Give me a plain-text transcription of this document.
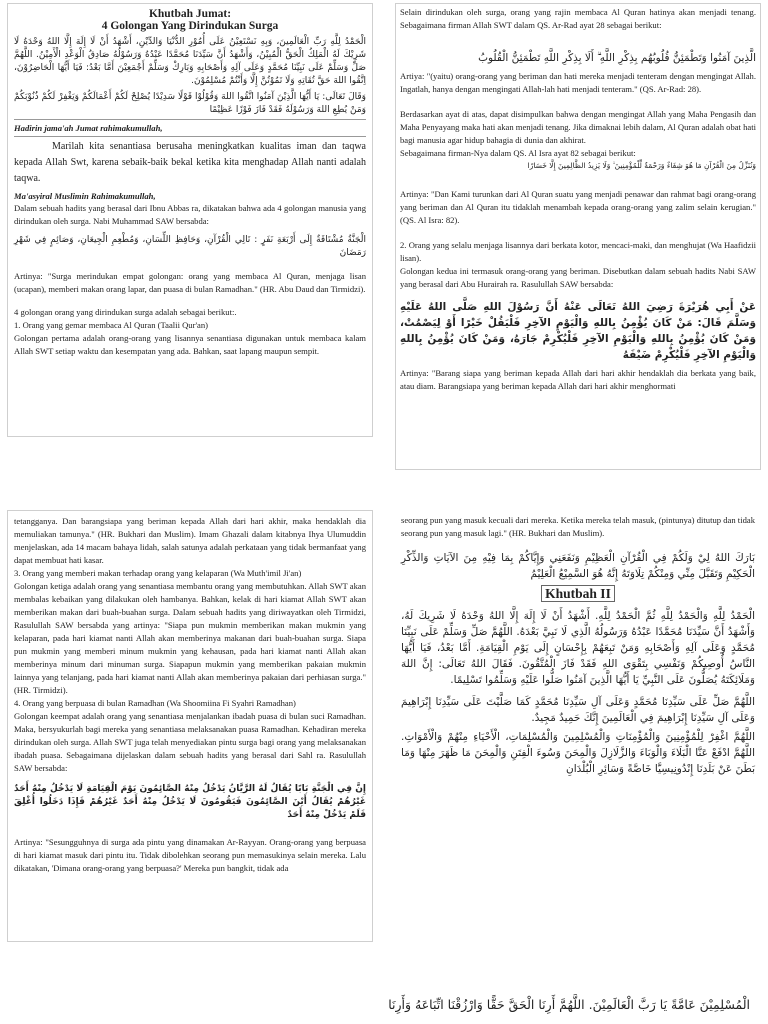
Khutbah Jumat:
4 Golongan Yang Dirindukan Surga

الْحَمْدُ لِلَّهِ رَبِّ الْعَالَمِينَ، وَبِهِ نَسْتَعِيْنُ عَلَى أُمُوْرِ الدُّنْيَا وَالدِّيْنِ، أَشْهَدُ أَنْ لَا إِلَهَ إِلَّا اللهُ وَحْدَهُ لَا شَرِيْكَ لَهُ الْمَلِكُ الْحَقُّ الْمُبِيْنُ، وَأَشْهَدُ أَنَّ سَيِّدَنَا مُحَمَّدًا عَبْدُهُ وَرَسُوْلُهُ صَادِقُ الْوَعْدِ الْأَمِيْنُ. اللَّهُمَّ صَلِّ وَسَلِّمْ عَلَى نَبِيِّنَا مُحَمَّدٍ وَعَلَى آلِهِ وَأَصْحَابِهِ وَبَارِكْ وَسَلِّمْ أَجْمَعِيْنَ أَمَّا بَعْدُ: فَيَا أَيُّهَا الْحَاضِرُوْنَ، اِتَّقُوا اللهَ حَقَّ تُقَاتِهِ وَلَا تَمُوْتُنَّ إِلَّا وَأَنْتُمْ مُسْلِمُوْنَ.

وَقَالَ تَعَالَى: يَا أَيُّهَا الَّذِيْنَ آمَنُوا اتَّقُوا اللهَ وَقُوْلُوْا قَوْلًا سَدِيْدًا يُصْلِحْ لَكُمْ أَعْمَالَكُمْ وَيَغْفِرْ لَكُمْ ذُنُوْبَكُمْ وَمَنْ يُطِعِ اللهَ وَرَسُوْلَهُ فَقَدْ فَازَ فَوْزًا عَظِيْمًا

Hadirin jama'ah Jumat rahimakumullah,

Marilah kita senantiasa berusaha meningkatkan kualitas iman dan taqwa kepada Allah Swt, karena sebaik-baik bekal ketika kita menghadap Allah nanti adalah taqwa.

Ma'asyiral Muslimin Rahimakumullah,

Dalam sebuah hadits yang berasal dari Ibnu Abbas ra, dikatakan bahwa ada 4 golongan manusia yang dirindukan oleh surga. Nabi Muhammad SAW bersabda:

الْجَنَّةُ مُشْتَاقَةٌ إِلَى أَرْبَعَةِ نَفَرٍ : تَالِي الْقُرْآنِ، وَحَافِظِ اللِّسَانِ، وَمُطْعِمِ الْجِيعَانِ، وَصَائِمٍ فِي شَهْرِ رَمَضَانَ

Artinya: "Surga merindukan empat golongan: orang yang membaca Al Quran, menjaga lisan (ucapan), memberi makan orang lapar, dan puasa di bulan Ramadhan." (HR. Abu Daud dan Tirmidzi).

4 golongan orang yang dirindukan surga adalah sebagai berikut:.

1. Orang yang gemar membaca Al Quran (Taalii Qur'an)

Golongan pertama adalah orang-orang yang lisannya senantiasa digunakan untuk membaca kalam Allah SWT setiap waktu dan kesempatan yang ada. Bahkan, saat lapang maupun sempit.

Selain dirindukan oleh surga, orang yang rajin membaca Al Quran hatinya akan menjadi tenang. Sebagaimana firman Allah SWT dalam QS. Ar-Rad ayat 28 sebagai berikut:

الَّذِينَ آمَنُوا وَتَطْمَئِنُّ قُلُوبُهُم بِذِكْرِ اللَّهِ ۗ أَلَا بِذِكْرِ اللَّهِ تَطْمَئِنُّ الْقُلُوبُ

Artiya: "(yaitu) orang-orang yang beriman dan hati mereka menjadi tenteram dengan mengingat Allah. Ingatlah, hanya dengan mengingati Allah-lah hati menjadi tenteram." (QS. Ar-Rad: 28).

Berdasarkan ayat di atas, dapat disimpulkan bahwa dengan mengingat Allah yang Maha Pengasih dan Maha Penyayang maka hati akan menjadi tenang. Jika dimaknai lebih dalam, Al Quran adalah obat hati bagi manusia agar hidup bahagia di dunia dan akhirat.

Sebagaimana firman-Nya dalam QS. Al Isra ayat 82 sebagai berikut:

وَنُنَزِّلُ مِنَ الْقُرْآنِ مَا هُوَ شِفَاءٌ وَرَحْمَةٌ لِّلْمُؤْمِنِينَ ۙ وَلَا يَزِيدُ الظَّالِمِينَ إِلَّا خَسَارًا

Artinya: "Dan Kami turunkan dari Al Quran suatu yang menjadi penawar dan rahmat bagi orang-orang yang beriman dan Al Quran itu tidaklah menambah kepada orang-orang yang zalim selain kerugian." (QS. Al Isra: 82).

2. Orang yang selalu menjaga lisannya dari berkata kotor, mencaci-maki, dan menghujat (Wa Haafidzii lisan).

Golongan kedua ini termasuk orang-orang yang beriman. Disebutkan dalam sebuah hadits Nabi SAW yang berasal dari Abu Hurairah ra. Rasulullah SAW bersabda:

عَنْ أَبِي هُرَيْرَةَ رَضِيَ اللهُ تَعَالَى عَنْهُ أَنَّ رَسُوْلَ اللهِ صَلَّى اللهُ عَلَيْهِ وَسَلَّمَ قَالَ: مَنْ كَانَ يُؤْمِنُ بِاللهِ وَالْيَوْمِ الآخِرِ فَلْيَقُلْ خَيْرًا أَوْ لِيَصْمُتْ، وَمَنْ كَانَ يُؤْمِنُ بِاللهِ وَالْيَوْمِ الآخِرِ فَلْيُكْرِمْ جَارَهُ، وَمَنْ كَانَ يُؤْمِنُ بِاللهِ وَالْيَوْمِ الآخِرِ فَلْيُكْرِمْ ضَيْفَهُ

Artinya: "Barang siapa yang beriman kepada Allah dari hari akhir hendaklah dia berkata yang baik, atau diam. Barangsiapa yang beriman kepada Allah dari hari akhir menghormati

tetangganya. Dan barangsiapa yang beriman kepada Allah dari hari akhir, maka hendaklah dia memuliakan tamunya." (HR. Bukhari dan Muslim). Imam Ghazali dalam kitabnya Ihya Ulumuddin menjelaskan, ada 14 macam bahaya lidah, salah satunya adalah perkataan yang tidak bermanfaat yang dapat membuat hati kasar.

3. Orang yang memberi makan terhadap orang yang kelaparan (Wa Muth'imil Ji'an)

Golongan ketiga adalah orang yang senantiasa membantu orang yang membutuhkan. Allah SWT akan membalas kebaikan yang dilakukan oleh hambanya. Bahkan, kelak di hari kiamat Allah SWT akan memberikan makan dari buah-buahan surga. Dalam sebuah hadits yang diriwayatkan oleh Tirmidzi, Rasulullah SAW bersabda yang artinya: "Siapa pun mukmin memberikan makan mukmin yang kelaparan, pada hari kiamat nanti Allah akan memberinya makanan dari buah-buahan surga. Siapa pun mukmin yang memberi minum mukmin yang kehausan, pada hari kiamat nanti Allah akan memberinya minum dari minuman surga. Siapapun mukmin yang memberikan pakaian mukmin lainnya yang telanjang, pada hari kiamat nanti Allah akan memberinya pakaian dari perhiasan surga." (HR. Tirmidzi).

4. Orang yang berpuasa di bulan Ramadhan (Wa Shoomiina Fi Syahri Ramadhan)

Golongan keempat adalah orang yang senantiasa menjalankan ibadah puasa di bulan suci Ramadhan. Maka, bersyukurlah bagi mereka yang senantiasa melaksanakan puasa Ramadhan. Kehadiran mereka dirindukan oleh surga. Allah SWT juga telah menyediakan pintu surga bagi orang yang melaksanakan ibadah puasa. Sebagaimana dijelaskan dalam sebuah hadits yang berasal dari Sahl ra. Rasulullah SAW bersabda:

إِنَّ فِي الْجَنَّةِ بَابًا يُقَالُ لَهُ الرَّيَّانُ يَدْخُلُ مِنْهُ الصَّائِمُونَ يَوْمَ الْقِيَامَةِ لَا يَدْخُلُ مِنْهُ أَحَدٌ غَيْرُهُمْ يُقَالُ أَيْنَ الصَّائِمُونَ فَيَقُومُونَ لَا يَدْخُلُ مِنْهُ أَحَدٌ غَيْرُهُمْ فَإِذَا دَخَلُوا أُغْلِقَ فَلَمْ يَدْخُلْ مِنْهُ أَحَدٌ

Artinya: "Sesungguhnya di surga ada pintu yang dinamakan Ar-Rayyan. Orang-orang yang berpuasa di hari kiamat masuk dari pintu itu. Tidak dibolehkan seorang pun memasukinya selain mereka. Lalu dikatakan, 'Dimana orang-orang yang berpuasa?' Mereka pun bangkit, tidak ada

seorang pun yang masuk kecuali dari mereka. Ketika mereka telah masuk, (pintunya) ditutup dan tidak seorang pun yang masuk lagi." (HR. Bukhari dan Muslim).

بَارَكَ اللهُ لِيْ وَلَكُمْ فِي الْقُرْآنِ الْعَظِيْمِ وَنَفَعَنِي وَإِيَّاكُمْ بِمَا فِيْهِ مِنَ الآيَاتِ وَالذِّكْرِ الْحَكِيْمِ وَتَقَبَّلَ مِنِّي وَمِنْكُمْ تِلَاوَتَهُ إِنَّهُ هُوَ السَّمِيْعُ الْعَلِيْمُ

Khutbah II

الْحَمْدُ لِلَّهِ وَالْحَمْدُ لِلَّهِ ثُمَّ الْحَمْدُ لِلَّهِ. أَشْهَدُ أَنْ لَا إِلَهَ إِلَّا اللهُ وَحْدَهُ لَا شَرِيكَ لَهُ، وَأَشْهَدُ أَنَّ سَيِّدَنَا مُحَمَّدًا عَبْدُهُ وَرَسُولُهُ الَّذِي لَا نَبِيَّ بَعْدَهُ. اللَّهُمَّ صَلِّ وَسَلِّمْ عَلَى نَبِيِّنَا مُحَمَّدٍ وَعَلَى آلِهِ وَأَصْحَابِهِ وَمَنْ تَبِعَهُمْ بِإِحْسَانٍ إِلَى يَوْمِ الْقِيَامَةِ. أَمَّا بَعْدُ، فَيَا أَيُّهَا النَّاسُ أُوصِيكُمْ وَنَفْسِي بِتَقْوَى اللهِ فَقَدْ فَازَ الْمُتَّقُونَ. فَقَالَ اللهُ تَعَالَى: إِنَّ اللهَ وَمَلَائِكَتَهُ يُصَلُّونَ عَلَى النَّبِيِّ يَا أَيُّهَا الَّذِينَ آمَنُوا صَلُّوا عَلَيْهِ وَسَلِّمُوا تَسْلِيمًا.

اللَّهُمَّ صَلِّ عَلَى سَيِّدِنَا مُحَمَّدٍ وَعَلَى آلِ سَيِّدِنَا مُحَمَّدٍ كَمَا صَلَّيْتَ عَلَى سَيِّدِنَا إِبْرَاهِيمَ وَعَلَى آلِ سَيِّدِنَا إِبْرَاهِيمَ فِي الْعَالَمِينَ إِنَّكَ حَمِيدٌ مَجِيدٌ.

اللَّهُمَّ اغْفِرْ لِلْمُؤْمِنِينَ وَالْمُؤْمِنَاتِ وَالْمُسْلِمِينَ وَالْمُسْلِمَاتِ، الْأَحْيَاءِ مِنْهُمْ وَالْأَمْوَاتِ. اللَّهُمَّ ادْفَعْ عَنَّا الْبَلَاءَ وَالْوَبَاءَ وَالزَّلَازِلَ وَالْمِحَنَ وَسُوءَ الْفِتَنِ وَالْمِحَنَ مَا ظَهَرَ مِنْهَا وَمَا بَطَنَ عَنْ بَلَدِنَا إِنْدُونِيسِيَّا خَاصَّةً وَسَائِرِ الْبُلْدَانِ

الْمُسْلِمِيْنَ عَامَّةً يَا رَبَّ الْعَالَمِيْنَ. اللَّهُمَّ أَرِنَا الْحَقَّ حَقًّا وَارْزُقْنَا اتِّبَاعَهُ وَأَرِنَا
